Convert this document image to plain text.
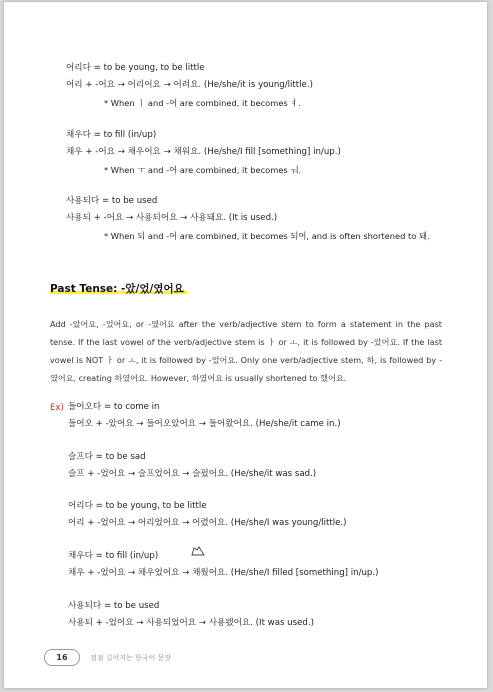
어리다 = to be young, to be little
어리 + -어요 → 어리어요 → 어려요. (He/she/it is young/little.)
* When ㅣ and -어 are combined, it becomes ㅕ.
채우다 = to fill (in/up)
채우 + -어요 → 채우어요 → 채워요. (He/she/I fill [something] in/up.)
* When ㅜ and -어 are combined, it becomes ㅝ.
사용되다 = to be used
사용되 + -어요 → 사용되어요 → 사용돼요. (It is used.)
* When 되 and -어 are combined, it becomes 되어, and is often shortened to 돼.
Past Tense: -았/었/였어요
Add -았어요, -었어요, or -였어요 after the verb/adjective stem to form a statement in the past tense. If the last vowel of the verb/adjective stem is ㅏ or ㅗ, it is followed by -았어요. If the last vowel is NOT ㅏ or ㅗ, it is followed by -었어요. Only one verb/adjective stem, 하, is followed by -였어요, creating 하였어요. However, 하였어요 is usually shortened to 했어요.
Ex) 들어오다 = to come in
들어오 + -았어요 → 들어오았어요 → 들어왔어요. (He/she/it came in.)
슬프다 = to be sad
슬프 + -었어요 → 슬프었어요 → 슬펐어요. (He/she/it was sad.)
어리다 = to be young, to be little
어리 + -었어요 → 어리었어요 → 어렸어요. (He/she/I was young/little.)
채우다 = to fill (in/up)
채우 + -었어요 → 채우었어요 → 채웠어요. (He/she/I filled [something] in/up.)
사용되다 = to be used
사용되 + -었어요 → 사용되었어요 → 사용됐어요. (It was used.)
16	점점 길어지는 한국어 문장
